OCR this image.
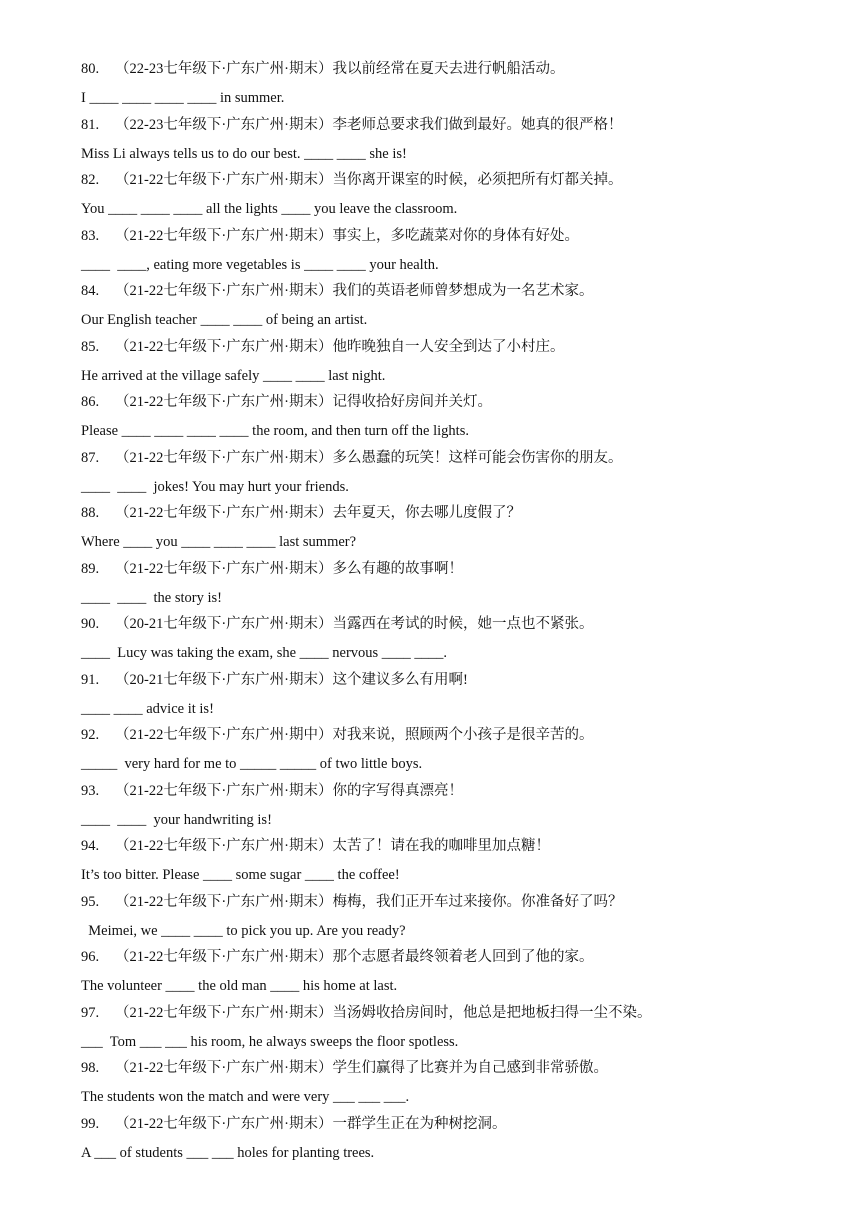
80. （22-23七年级下·广东广州·期末）我以前经常在夏天去进行帆船活动。
I ____ ____ ____ ____ in summer.
81. （22-23七年级下·广东广州·期末）李老师总要求我们做到最好。她真的很严格！
Miss Li always tells us to do our best. ____ ____ she is!
82. （21-22七年级下·广东广州·期末）当你离开课室的时候，必须把所有灯都关掉。
You ____ ____ ____ all the lights ____ you leave the classroom.
83. （21-22七年级下·广东广州·期末）事实上，多吃蔬菜对你的身体有好处。
____  ____, eating more vegetables is ____ ____ your health.
84. （21-22七年级下·广东广州·期末）我们的英语老师曾梦想成为一名艺术家。
Our English teacher ____ ____ of being an artist.
85. （21-22七年级下·广东广州·期末）他昨晚独自一人安全到达了小村庄。
He arrived at the village safely ____ ____ last night.
86. （21-22七年级下·广东广州·期末）记得收拾好房间并关灯。
Please ____ ____ ____ ____ the room, and then turn off the lights.
87. （21-22七年级下·广东广州·期末）多么愚蠢的玩笑！这样可能会伤害你的朋友。
____  ____  jokes! You may hurt your friends.
88. （21-22七年级下·广东广州·期末）去年夏天，你去哪儿度假了？
Where ____ you ____ ____ ____ last summer?
89. （21-22七年级下·广东广州·期末）多么有趣的故事啊！
____  ____  the story is!
90. （20-21七年级下·广东广州·期末）当露西在考试的时候，她一点也不紧张。
____  Lucy was taking the exam, she ____ nervous ____ ____.
91. （20-21七年级下·广东广州·期末）这个建议多么有用啊!
____ ____ advice it is!
92. （21-22七年级下·广东广州·期中）对我来说，照顾两个小孩子是很辛苦的。
_____  very hard for me to _____ _____ of two little boys.
93. （21-22七年级下·广东广州·期末）你的字写得真漂亮！
____  ____  your handwriting is!
94. （21-22七年级下·广东广州·期末）太苦了！请在我的咖啡里加点糖！
It’s too bitter. Please ____ some sugar ____ the coffee!
95. （21-22七年级下·广东广州·期末）梅梅，我们正开车过来接你。你准备好了吗？
Meimei, we ____ ____ to pick you up. Are you ready?
96. （21-22七年级下·广东广州·期末）那个志愿者最终领着老人回到了他的家。
The volunteer ____ the old man ____ his home at last.
97. （21-22七年级下·广东广州·期末）当汤姆收拾房间时，他总是把地板扫得一尘不染。
___  Tom ___ ___ his room, he always sweeps the floor spotless.
98. （21-22七年级下·广东广州·期末）学生们赢得了比赛并为自己感到非常骄傲。
The students won the match and were very ___ ___ ___.
99. （21-22七年级下·广东广州·期末）一群学生正在为种树挖洞。
A ___ of students ___ ___ holes for planting trees.
